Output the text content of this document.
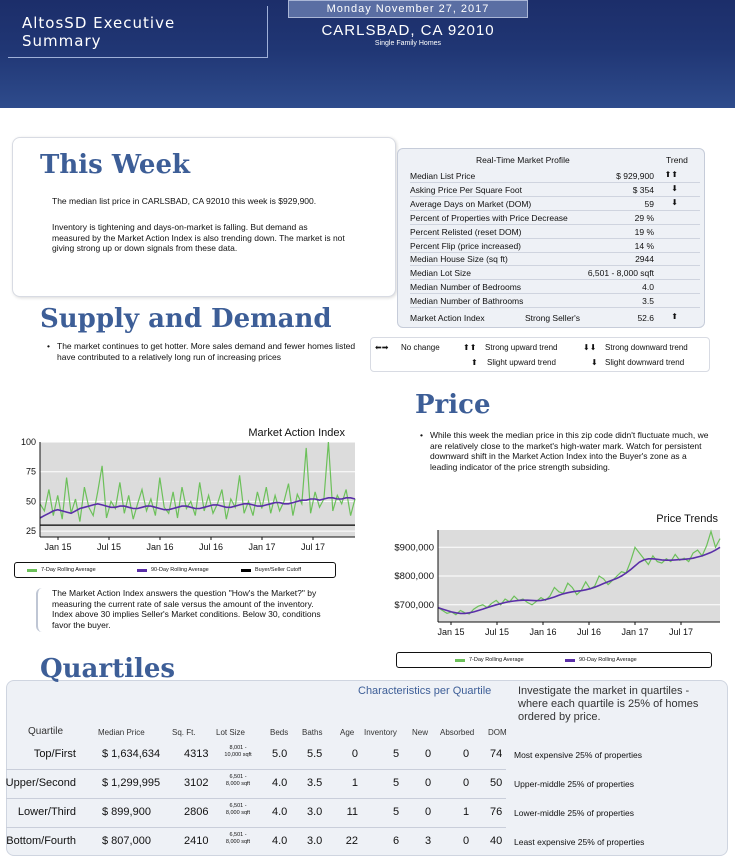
AltosSD Executive
Summary
Monday November 27, 2017
CARLSBAD, CA 92010
Single Family Homes
This Week
The median list price in CARLSBAD, CA 92010 this week is $929,900.
Inventory is tightening and days-on-market is falling. But demand as measured by the Market Action Index is also trending down. The market is not giving strong up or down signals from these data.
Real-Time Market Profile	Trend
Median List Price	$ 929,900 ⬆⬆
Asking Price Per Square Foot	$ 354 ⬇
Average Days on Market (DOM)	59 ⬇
Percent of Properties with Price Decrease	29 %
Percent Relisted (reset DOM)	19 %
Percent Flip (price increased)	14 %
Median House Size (sq ft)	2944
Median Lot Size	6,501 - 8,000 sqft
Median Number of Bedrooms	4.0
Median Number of Bathrooms	3.5
Market Action Index	Strong Seller's	52.6 ⬆
⬅➡ No change	⬆⬆ Strong upward trend	⬇⬇ Strong downward trend
⬆ Slight upward trend	⬇ Slight downward trend
Supply and Demand
• The market continues to get hotter. More sales demand and fewer homes listed have contributed to a relatively long run of increasing prices
Market Action Index
25
50
75
100
Jan 15	Jul 15	Jan 16	Jul 16	Jan 17	Jul 17
7-Day Rolling Average	90-Day Rolling Average	Buyer/Seller Cutoff
The Market Action Index answers the question "How's the Market?" by measuring the current rate of sale versus the amount of the inventory. Index above 30 implies Seller's Market conditions. Below 30, conditions favor the buyer.
Price
• While this week the median price in this zip code didn't fluctuate much, we are relatively close to the market's high-water mark. Watch for persistent downward shift in the Market Action Index into the Buyer's zone as a leading indicator of the price strength subsiding.
Price Trends
$700,000
$800,000
$900,000
Jan 15 Jul 15 Jan 16 Jul 16 Jan 17 Jul 17
7-Day Rolling Average	90-Day Rolling Average
Quartiles
Characteristics per Quartile Investigate the market in quartiles - where each quartile is 25% of homes ordered by price.
Quartile	Median Price	Sq. Ft.	Lot Size	Beds Baths Age Inventory New Absorbed DOM
Top/First $ 1,634,634 4313	8,001 -
10,000 sqft	5.0 5.5	0	5 0	0 74 Most expensive 25% of properties
Upper/Second $ 1,299,995 3102	6,501 -
8,000 sqft	4.0 3.5	1	5 0	0 50 Upper-middle 25% of properties
Lower/Third $ 899,900	2806	6,501 -
8,000 sqft	4.0 3.0 11	5 0	1 76 Lower-middle 25% of properties
Bottom/Fourth $ 807,000	2410	6,501 -
8,000 sqft	4.0 3.0 22	6 3	0 40 Least expensive 25% of properties
